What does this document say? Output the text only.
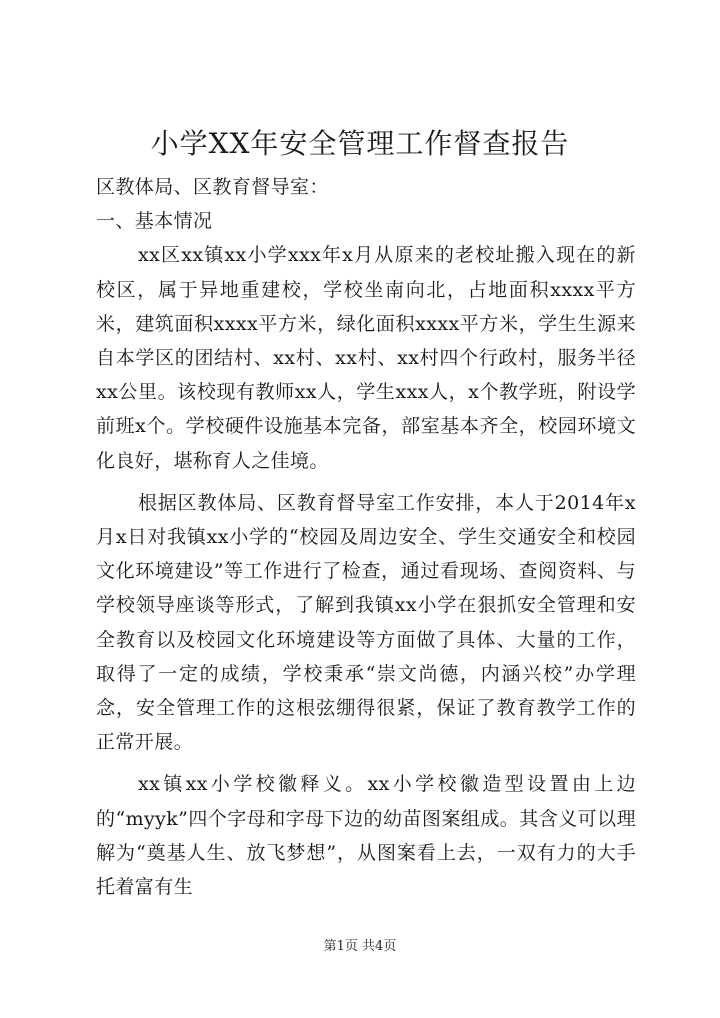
小学XX年安全管理工作督查报告

区教体局、区教育督导室：

一、基本情况

xx区xx镇xx小学xxx年x月从原来的老校址搬入现在的新校区，属于异地重建校，学校坐南向北，占地面积xxxx平方米，建筑面积xxxx平方米，绿化面积xxxx平方米，学生生源来自本学区的团结村、xx村、xx村、xx村四个行政村，服务半径xx公里。该校现有教师xx人，学生xxx人，x个教学班，附设学前班x个。学校硬件设施基本完备，部室基本齐全，校园环境文化良好，堪称育人之佳境。

根据区教体局、区教育督导室工作安排，本人于2014年x月x日对我镇xx小学的“校园及周边安全、学生交通安全和校园文化环境建设”等工作进行了检查，通过看现场、查阅资料、与学校领导座谈等形式，了解到我镇xx小学在狠抓安全管理和安全教育以及校园文化环境建设等方面做了具体、大量的工作，取得了一定的成绩，学校秉承“崇文尚德，内涵兴校”办学理念，安全管理工作的这根弦绷得很紧，保证了教育教学工作的正常开展。

xx镇xx小学校徽释义。xx小学校徽造型设置由上边的“myyk”四个字母和字母下边的幼苗图案组成。其含义可以理解为“奠基人生、放飞梦想”，从图案看上去，一双有力的大手托着富有生

第1页 共4页
